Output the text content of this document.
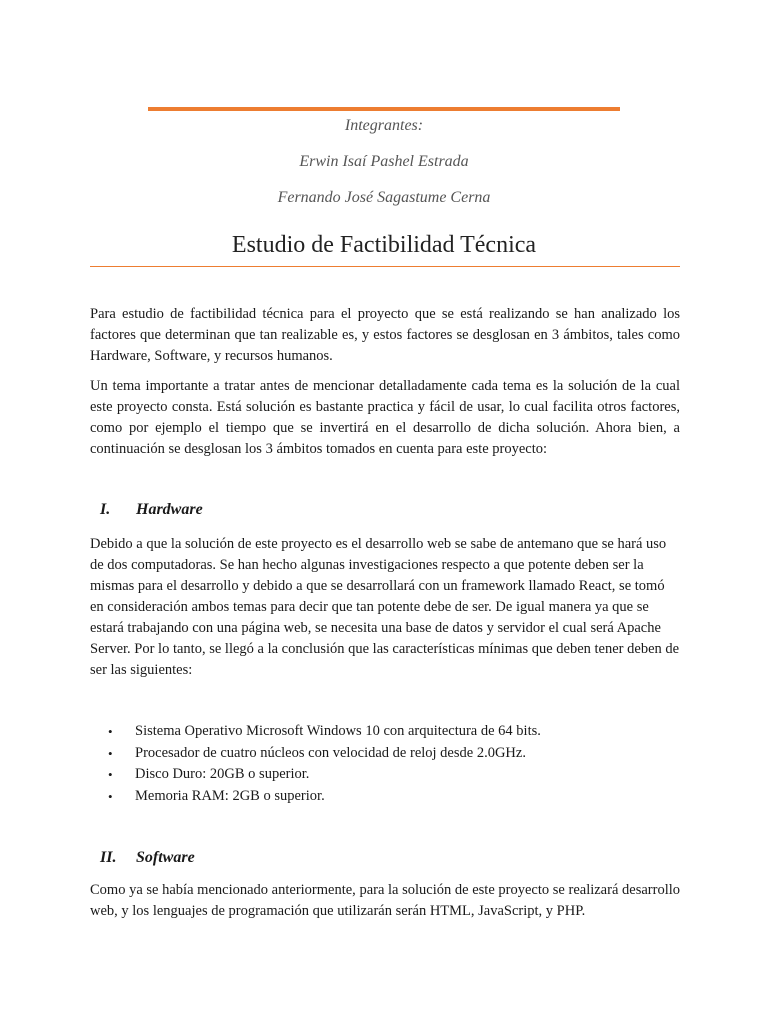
Integrantes:
Erwin Isaí Pashel Estrada
Fernando José Sagastume Cerna
Estudio de Factibilidad Técnica

Para estudio de factibilidad técnica para el proyecto que se está realizando se han analizado los factores que determinan que tan realizable es, y estos factores se desglosan en 3 ámbitos, tales como Hardware, Software, y recursos humanos.

Un tema importante a tratar antes de mencionar detalladamente cada tema es la solución de la cual este proyecto consta. Está solución es bastante practica y fácil de usar, lo cual facilita otros factores, como por ejemplo el tiempo que se invertirá en el desarrollo de dicha solución. Ahora bien, a continuación se desglosan los 3 ámbitos tomados en cuenta para este proyecto:

I. Hardware

Debido a que la solución de este proyecto es el desarrollo web se sabe de antemano que se hará uso de dos computadoras. Se han hecho algunas investigaciones respecto a que potente deben ser la mismas para el desarrollo y debido a que se desarrollará con un framework llamado React, se tomó en consideración ambos temas para decir que tan potente debe de ser. De igual manera ya que se estará trabajando con una página web, se necesita una base de datos y servidor el cual será Apache Server. Por lo tanto, se llegó a la conclusión que las características mínimas que deben tener deben de ser las siguientes:

• Sistema Operativo Microsoft Windows 10 con arquitectura de 64 bits.
• Procesador de cuatro núcleos con velocidad de reloj desde 2.0GHz.
• Disco Duro: 20GB o superior.
• Memoria RAM: 2GB o superior.
II. Software

Como ya se había mencionado anteriormente, para la solución de este proyecto se realizará desarrollo web, y los lenguajes de programación que utilizarán serán HTML, JavaScript, y PHP.
